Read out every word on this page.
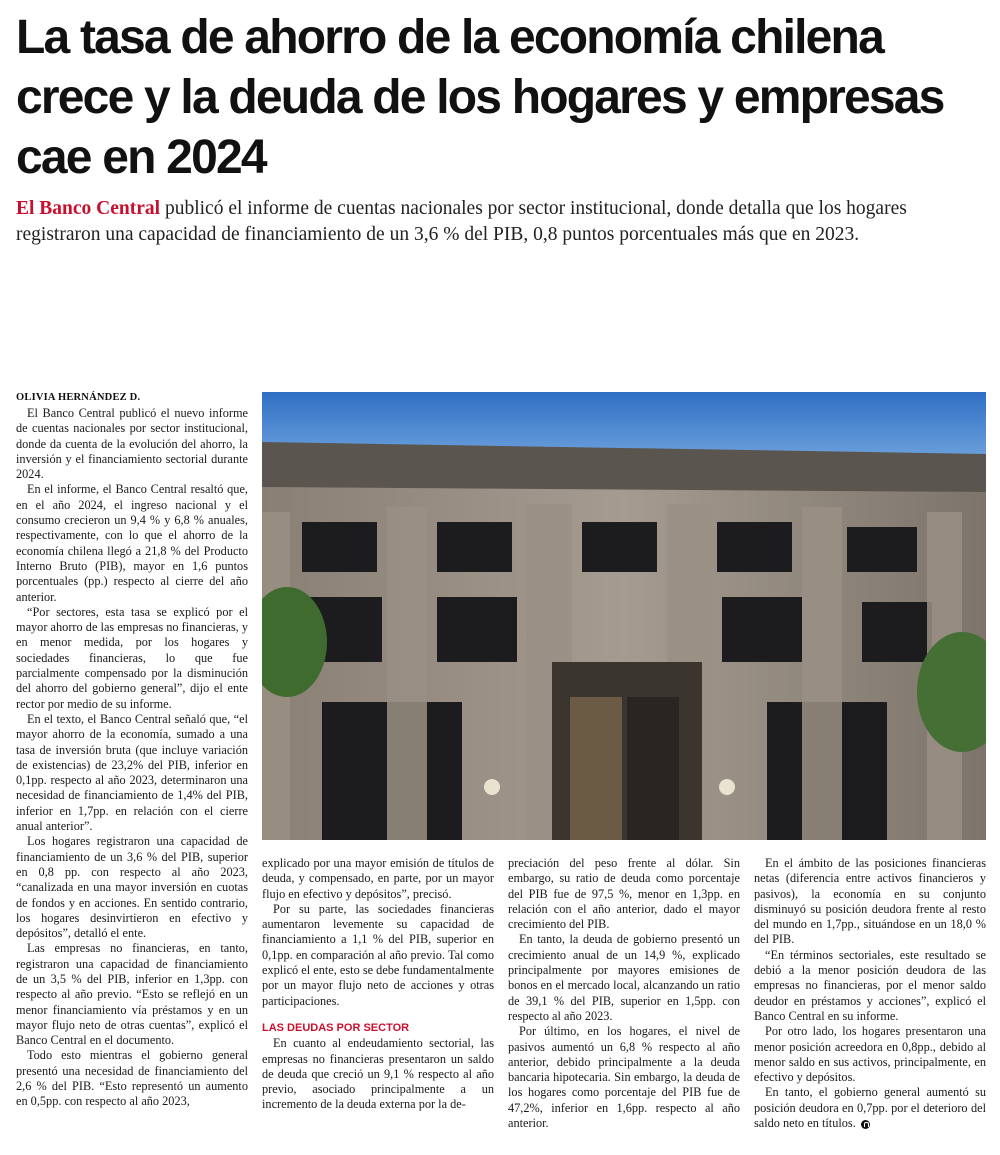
La tasa de ahorro de la economía chilena crece y la deuda de los hogares y empresas cae en 2024

El Banco Central publicó el informe de cuentas nacionales por sector institucional, donde detalla que los hogares registraron una capacidad de financiamiento de un 3,6 % del PIB, 0,8 puntos porcentuales más que en 2023.

OLIVIA HERNÁNDEZ D.

El Banco Central publicó el nuevo informe de cuentas nacionales por sector institucional, donde da cuenta de la evolución del ahorro, la inversión y el financiamiento sectorial durante 2024.

En el informe, el Banco Central resaltó que, en el año 2024, el ingreso nacional y el consumo crecieron un 9,4 % y 6,8 % anuales, respectivamente, con lo que el ahorro de la economía chilena llegó a 21,8 % del Producto Interno Bruto (PIB), mayor en 1,6 puntos porcentuales (pp.) respecto al cierre del año anterior.

“Por sectores, esta tasa se explicó por el mayor ahorro de las empresas no financieras, y en menor medida, por los hogares y sociedades financieras, lo que fue parcialmente compensado por la disminución del ahorro del gobierno general”, dijo el ente rector por medio de su informe.

En el texto, el Banco Central señaló que, “el mayor ahorro de la economía, sumado a una tasa de inversión bruta (que incluye variación de existencias) de 23,2% del PIB, inferior en 0,1pp. respecto al año 2023, determinaron una necesidad de financiamiento de 1,4% del PIB, inferior en 1,7pp. en relación con el cierre anual anterior”.

Los hogares registraron una capacidad de financiamiento de un 3,6 % del PIB, superior en 0,8 pp. con respecto al año 2023, “canalizada en una mayor inversión en cuotas de fondos y en acciones. En sentido contrario, los hogares desinvirtieron en efectivo y depósitos”, detalló el ente.

Las empresas no financieras, en tanto, registraron una capacidad de financiamiento de un 3,5 % del PIB, inferior en 1,3pp. con respecto al año previo. “Esto se reflejó en un menor financiamiento vía préstamos y en un mayor flujo neto de otras cuentas”, explicó el Banco Central en el documento.

Todo esto mientras el gobierno general presentó una necesidad de financiamiento del 2,6 % del PIB. “Esto representó un aumento en 0,5pp. con respecto al año 2023,

explicado por una mayor emisión de títulos de deuda, y compensado, en parte, por un mayor flujo en efectivo y depósitos”, precisó.

Por su parte, las sociedades financieras aumentaron levemente su capacidad de financiamiento a 1,1 % del PIB, superior en 0,1pp. en comparación al año previo. Tal como explicó el ente, esto se debe fundamentalmente por un mayor flujo neto de acciones y otras participaciones.

LAS DEUDAS POR SECTOR

En cuanto al endeudamiento sectorial, las empresas no financieras presentaron un saldo de deuda que creció un 9,1 % respecto al año previo, asociado principalmente a un incremento de la deuda externa por la de-

preciación del peso frente al dólar. Sin embargo, su ratio de deuda como porcentaje del PIB fue de 97,5 %, menor en 1,3pp. en relación con el año anterior, dado el mayor crecimiento del PIB.

En tanto, la deuda de gobierno presentó un crecimiento anual de un 14,9 %, explicado principalmente por mayores emisiones de bonos en el mercado local, alcanzando un ratio de 39,1 % del PIB, superior en 1,5pp. con respecto al año 2023.

Por último, en los hogares, el nivel de pasivos aumentó un 6,8 % respecto al año anterior, debido principalmente a la deuda bancaria hipotecaria. Sin embargo, la deuda de los hogares como porcentaje del PIB fue de 47,2%, inferior en 1,6pp. respecto al año anterior.

En el ámbito de las posiciones financieras netas (diferencia entre activos financieros y pasivos), la economía en su conjunto disminuyó su posición deudora frente al resto del mundo en 1,7pp., situándose en un 18,0 % del PIB.

“En términos sectoriales, este resultado se debió a la menor posición deudora de las empresas no financieras, por el menor saldo deudor en préstamos y acciones”, explicó el Banco Central en su informe.

Por otro lado, los hogares presentaron una menor posición acreedora en 0,8pp., debido al menor saldo en sus activos, principalmente, en efectivo y depósitos.

En tanto, el gobierno general aumentó su posición deudora en 0,7pp. por el deterioro del saldo neto en títulos.
